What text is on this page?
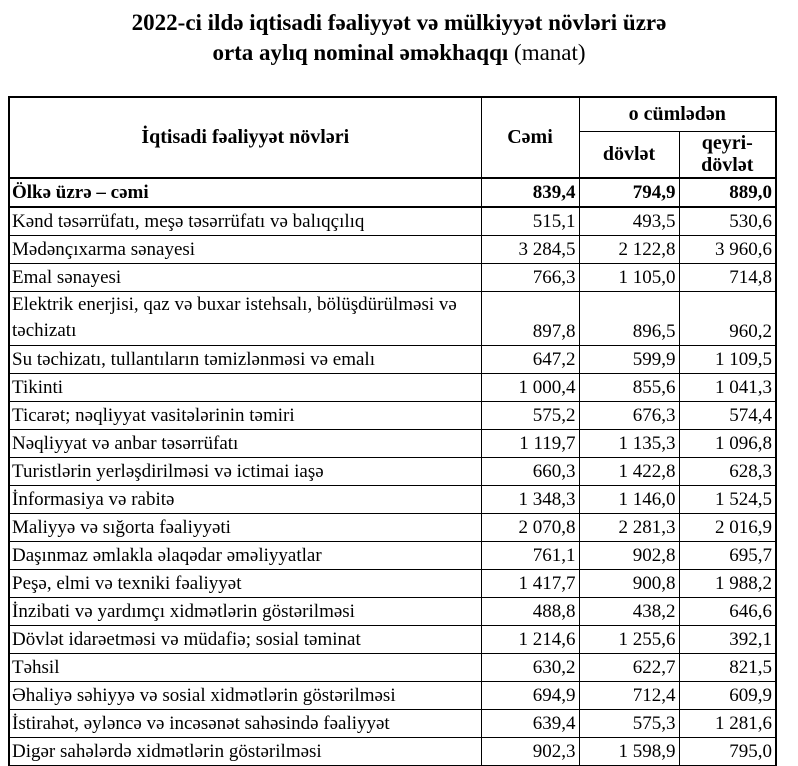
2022-ci ildə iqtisadi fəaliyyət və mülkiyyət növləri üzrə
orta aylıq nominal əməkhaqqı (manat)
İqtisadi fəaliyyət növləri	Cəmi	o cümlədən	
		dövlət	qeyri-dövlət
Ölkə üzrə – cəmi	839,4	794,9	889,0
Kənd təsərrüfatı, meşə təsərrüfatı və balıqçılıq	515,1	493,5	530,6
Mədənçıxarma sənayesi	3 284,5	2 122,8	3 960,6
Emal sənayesi	766,3	1 105,0	714,8
Elektrik enerjisi, qaz və buxar istehsalı, bölüşdürülməsi və təchizatı	897,8	896,5	960,2
Su təchizatı, tullantıların təmizlənməsi və emalı	647,2	599,9	1 109,5
Tikinti	1 000,4	855,6	1 041,3
Ticarət; nəqliyyat vasitələrinin təmiri	575,2	676,3	574,4
Nəqliyyat və anbar təsərrüfatı	1 119,7	1 135,3	1 096,8
Turistlərin yerləşdirilməsi və ictimai iaşə	660,3	1 422,8	628,3
İnformasiya və rabitə	1 348,3	1 146,0	1 524,5
Maliyyə və sığorta fəaliyyəti	2 070,8	2 281,3	2 016,9
Daşınmaz əmlakla əlaqədar əməliyyatlar	761,1	902,8	695,7
Peşə, elmi və texniki fəaliyyət	1 417,7	900,8	1 988,2
İnzibati və yardımçı xidmətlərin göstərilməsi	488,8	438,2	646,6
Dövlət idarəetməsi və müdafiə; sosial təminat	1 214,6	1 255,6	392,1
Təhsil	630,2	622,7	821,5
Əhaliyə səhiyyə və sosial xidmətlərin göstərilməsi	694,9	712,4	609,9
İstirahət, əyləncə və incəsənət sahəsində fəaliyyət	639,4	575,3	1 281,6
Digər sahələrdə xidmətlərin göstərilməsi	902,3	1 598,9	795,0
